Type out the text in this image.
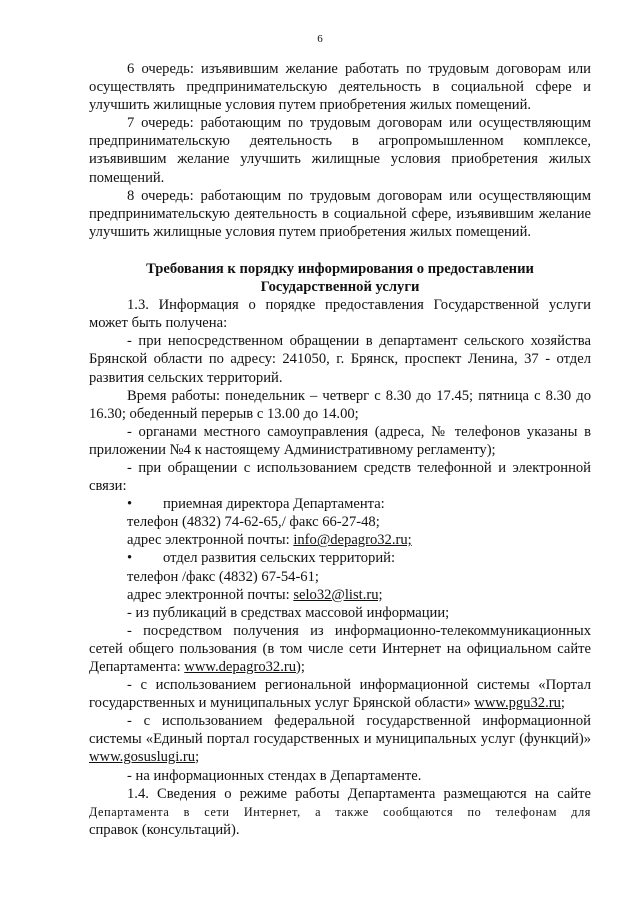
6

6 очередь: изъявившим желание работать по трудовым договорам или осуществлять предпринимательскую деятельность в социальной сфере и улучшить жилищные условия путем приобретения жилых помещений.

7 очередь: работающим по трудовым договорам или осуществляющим предпринимательскую деятельность в агропромышленном комплексе, изъявившим желание улучшить жилищные условия приобретения жилых помещений.

8 очередь: работающим по трудовым договорам или осуществляющим предпринимательскую деятельность в социальной сфере, изъявившим желание улучшить жилищные условия путем приобретения жилых помещений.

Требования к порядку информирования о предоставлении

Государственной услуги

1.3. Информация о порядке предоставления Государственной услуги может быть получена:

- при непосредственном обращении в департамент сельского хозяйства Брянской области по адресу: 241050, г. Брянск, проспект Ленина, 37 - отдел развития сельских территорий.

Время работы: понедельник – четверг с 8.30 до 17.45; пятница с 8.30 до 16.30; обеденный перерыв с 13.00 до 14.00;

- органами местного самоуправления (адреса, № телефонов указаны в приложении №4 к настоящему Административному регламенту);

- при обращении с использованием средств телефонной и электронной связи:

• приемная директора Департамента:

телефон (4832) 74-62-65,/ факс 66-27-48;

адрес электронной почты: info@depagro32.ru;

• отдел развития сельских территорий:

телефон /факс (4832) 67-54-61;

адрес электронной почты: selo32@list.ru;

- из публикаций в средствах массовой информации;

- посредством получения из информационно-телекоммуникационных сетей общего пользования (в том числе сети Интернет на официальном сайте Департамента: www.depagro32.ru);

- с использованием региональной информационной системы «Портал государственных и муниципальных услуг Брянской области» www.pgu32.ru;

- с использованием федеральной государственной информационной системы «Единый портал государственных и муниципальных услуг (функций)» www.gosuslugi.ru;

- на информационных стендах в Департаменте.

1.4. Сведения о режиме работы Департамента размещаются на сайте

Департамента в сети Интернет, а также сообщаются по телефонам для

справок (консультаций).
